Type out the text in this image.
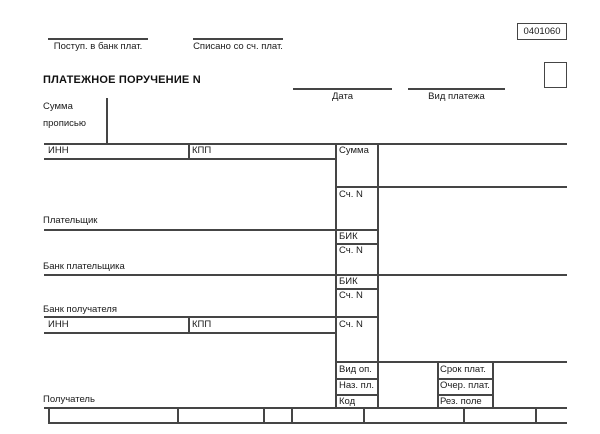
Поступ. в банк плат.	Списано со сч. плат.
0401060
ПЛАТЕЖНОЕ ПОРУЧЕНИЕ N
Дата	Вид платежа
Сумма
прописью
ИНН	КПП	Сумма
Сч. N
Плательщик
БИК
Сч. N
Банк плательщика
БИК
Сч. N
Банк получателя
ИНН	КПП	Сч. N
Вид оп.	Срок плат.
Наз. пл.	Очер. плат.
Код	Рез. поле
Получатель
